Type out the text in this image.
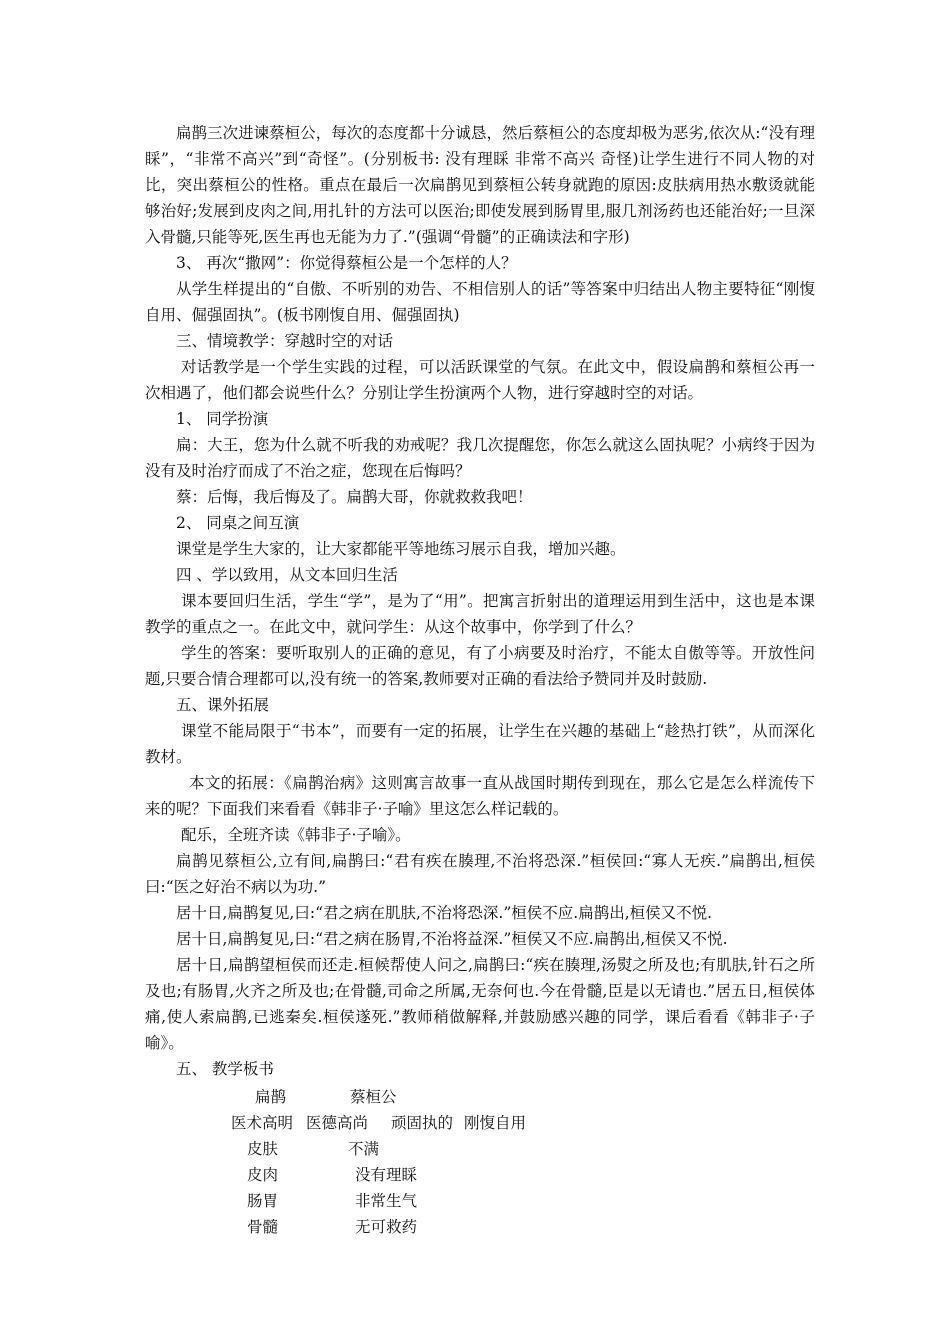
扁鹊三次进谏蔡桓公，每次的态度都十分诚恳，然后蔡桓公的态度却极为恶劣,依次从:“没有理睬”，“非常不高兴”到“奇怪”。(分别板书: 没有理睬 非常不高兴 奇怪)让学生进行不同人物的对比，突出蔡桓公的性格。重点在最后一次扁鹊见到蔡桓公转身就跑的原因:皮肤病用热水敷烫就能够治好;发展到皮肉之间,用扎针的方法可以医治;即使发展到肠胃里,服几剂汤药也还能治好;一旦深入骨髓,只能等死,医生再也无能为力了.”(强调“骨髓”的正确读法和字形)

3、 再次“撒网”：你觉得蔡桓公是一个怎样的人？

从学生样提出的“自傲、不听别的劝告、不相信别人的话”等答案中归结出人物主要特征“刚愎自用、倔强固执”。(板书刚愎自用、倔强固执)

三、情境教学：穿越时空的对话

对话教学是一个学生实践的过程，可以活跃课堂的气氛。在此文中，假设扁鹊和蔡桓公再一次相遇了，他们都会说些什么？分别让学生扮演两个人物，进行穿越时空的对话。

1、 同学扮演

扁：大王，您为什么就不听我的劝戒呢？我几次提醒您，你怎么就这么固执呢？小病终于因为没有及时治疗而成了不治之症，您现在后悔吗？

蔡：后悔，我后悔及了。扁鹊大哥，你就救救我吧！

2、 同桌之间互演

课堂是学生大家的，让大家都能平等地练习展示自我，增加兴趣。

四 、学以致用，从文本回归生活

课本要回归生活，学生“学”，是为了“用”。把寓言折射出的道理运用到生活中，这也是本课教学的重点之一。在此文中，就问学生：从这个故事中，你学到了什么？

学生的答案：要听取别人的正确的意见，有了小病要及时治疗，不能太自傲等等。开放性问题,只要合情合理都可以,没有统一的答案,教师要对正确的看法给予赞同并及时鼓励.

五、课外拓展

课堂不能局限于“书本”，而要有一定的拓展，让学生在兴趣的基础上“趁热打铁”，从而深化教材。

本文的拓展：《扁鹊治病》这则寓言故事一直从战国时期传到现在，那么它是怎么样流传下来的呢？下面我们来看看《韩非子·子喻》里这怎么样记载的。

配乐，全班齐读《韩非子·子喻》。

扁鹊见蔡桓公,立有间,扁鹊曰:“君有疾在腠理,不治将恐深.”桓侯回:“寡人无疾.”扁鹊出,桓侯曰:“医之好治不病以为功.”

居十日,扁鹊复见,曰:“君之病在肌肤,不治将恐深.”桓侯不应.扁鹊出,桓侯又不悦.

居十日,扁鹊复见,曰:“君之病在肠胃,不治将益深.”桓侯又不应.扁鹊出,桓侯又不悦.

居十日,扁鹊望桓侯而还走.桓候帮使人问之,扁鹊曰:“疾在腠理,汤熨之所及也;有肌肤,针石之所及也;有肠胃,火齐之所及也;在骨髓,司命之所属,无奈何也.今在骨髓,臣是以无请也.”居五日,桓侯体痛,使人索扁鹊,已逃秦矣.桓侯遂死.”教师稍做解释,并鼓励感兴趣的同学，课后看看《韩非子·子喻》。

五、 教学板书

扁鹊	蔡桓公
医术高明 医德高尚 顽固执的 刚愎自用
皮肤	不满
皮肉	没有理睬
肠胃	非常生气
骨髓	无可救药
